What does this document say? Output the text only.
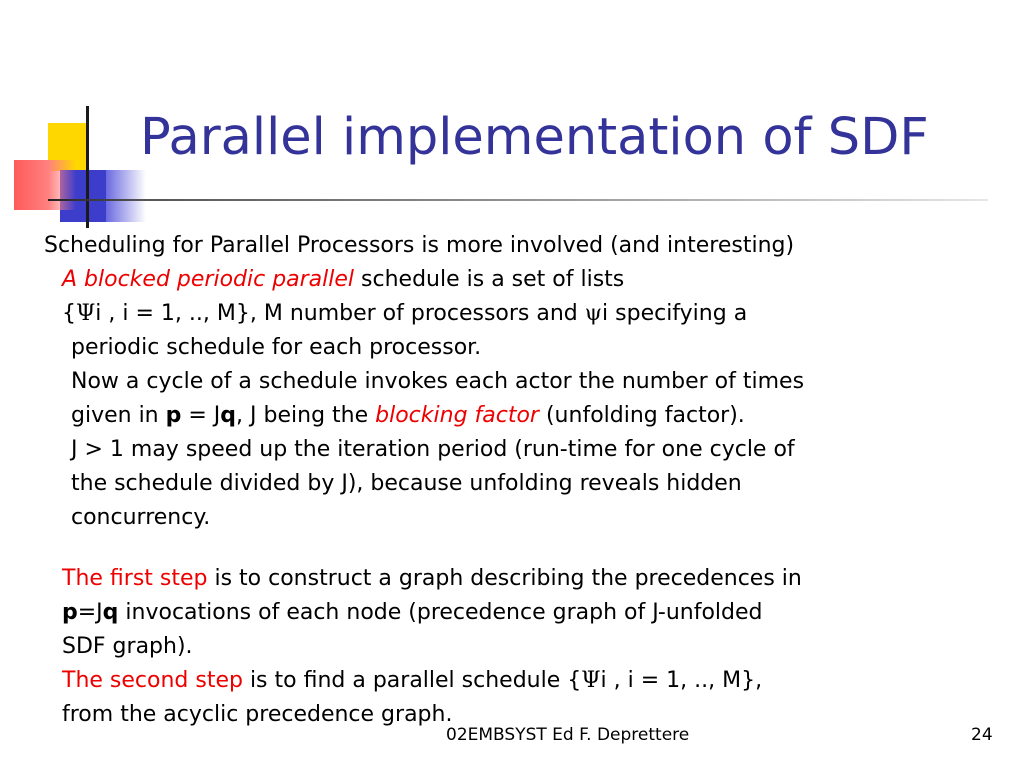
Parallel implementation of SDF
Scheduling for Parallel Processors is more involved (and interesting)
A blocked periodic parallel schedule is a set of lists
{Ψi , i = 1, .., M}, M number of processors and ψi specifying a
periodic schedule for each processor.
Now a cycle of a schedule invokes each actor the number of times
given in p = Jq, J being the blocking factor (unfolding factor).
J > 1 may speed up the iteration period (run-time for one cycle of
the schedule divided by J), because unfolding reveals hidden
concurrency.
The first step is to construct a graph describing the precedences in
p=Jq invocations of each node (precedence graph of J-unfolded
SDF graph).
The second step is to find a parallel schedule {Ψi , i = 1, .., M},
from the acyclic precedence graph.
02EMBSYST Ed F. Deprettere	24
